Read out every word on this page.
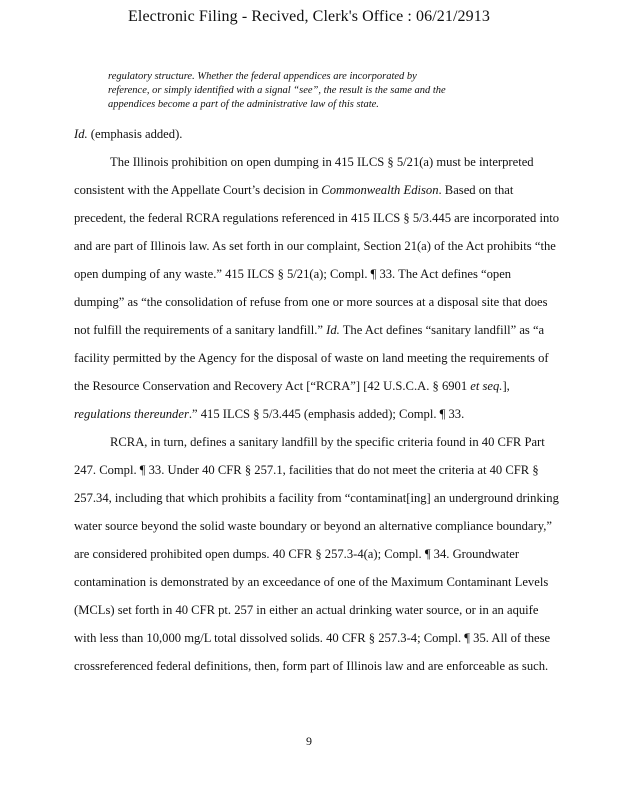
Electronic Filing - Recived, Clerk's Office : 06/21/2913
regulatory structure. Whether the federal appendices are incorporated by
reference, or simply identified with a signal “see”, the result is the same and the
appendices become a part of the administrative law of this state.
Id. (emphasis added).
The Illinois prohibition on open dumping in 415 ILCS § 5/21(a) must be interpreted
consistent with the Appellate Court’s decision in Commonwealth Edison. Based on that
precedent, the federal RCRA regulations referenced in 415 ILCS § 5/3.445 are incorporated into
and are part of Illinois law. As set forth in our complaint, Section 21(a) of the Act prohibits “the
open dumping of any waste.” 415 ILCS § 5/21(a); Compl. ¶ 33. The Act defines “open
dumping” as “the consolidation of refuse from one or more sources at a disposal site that does
not fulfill the requirements of a sanitary landfill.” Id. The Act defines “sanitary landfill” as “a
facility permitted by the Agency for the disposal of waste on land meeting the requirements of
the Resource Conservation and Recovery Act [“RCRA”] [42 U.S.C.A. § 6901 et seq.],
regulations thereunder.” 415 ILCS § 5/3.445 (emphasis added); Compl. ¶ 33.
RCRA, in turn, defines a sanitary landfill by the specific criteria found in 40 CFR Part
247. Compl. ¶ 33. Under 40 CFR § 257.1, facilities that do not meet the criteria at 40 CFR §
257.34, including that which prohibits a facility from “contaminat[ing] an underground drinking
water source beyond the solid waste boundary or beyond an alternative compliance boundary,”
are considered prohibited open dumps. 40 CFR § 257.3-4(a); Compl. ¶ 34. Groundwater
contamination is demonstrated by an exceedance of one of the Maximum Contaminant Levels
(MCLs) set forth in 40 CFR pt. 257 in either an actual drinking water source, or in an aquife
with less than 10,000 mg/L total dissolved solids. 40 CFR § 257.3-4; Compl. ¶ 35. All of these
crossreferenced federal definitions, then, form part of Illinois law and are enforceable as such.
9
